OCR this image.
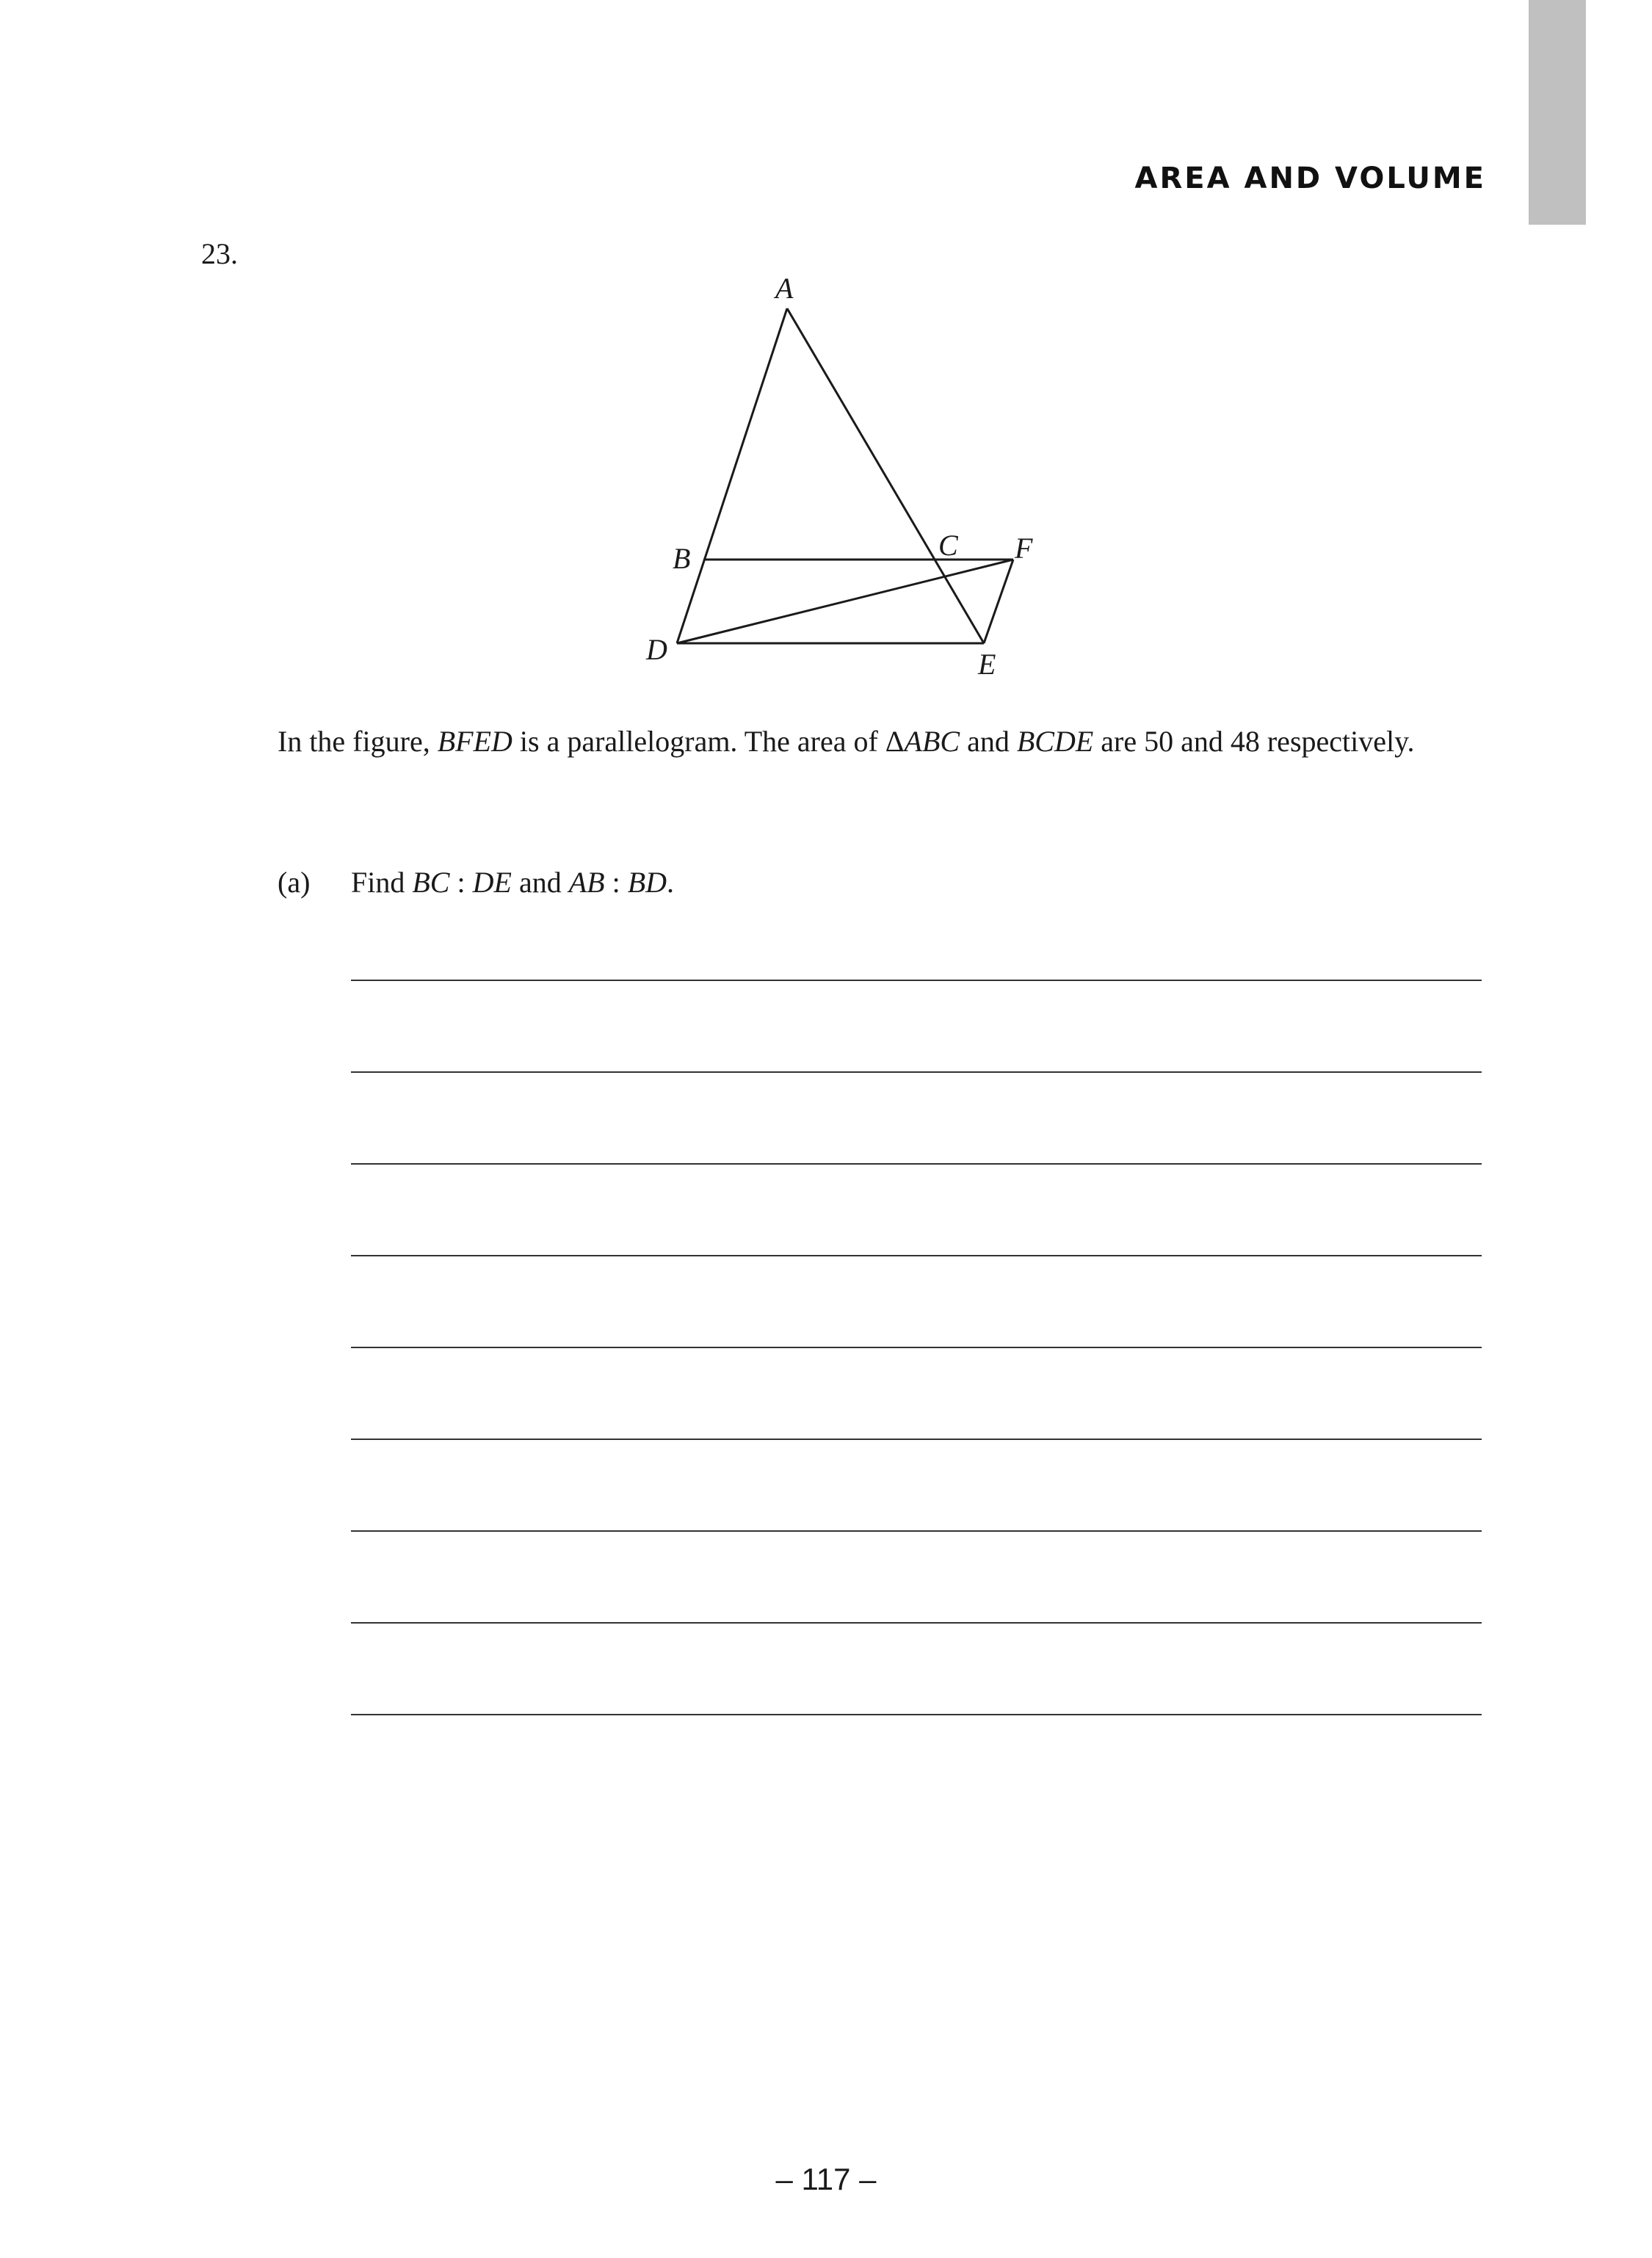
AREA AND VOLUME
23.
A
B	C F
D	E
In the figure, BFED is a parallelogram. The area of ΔABC and BCDE are 50 and 48 respectively.
(a) Find BC : DE and AB : BD.
– 117 –
